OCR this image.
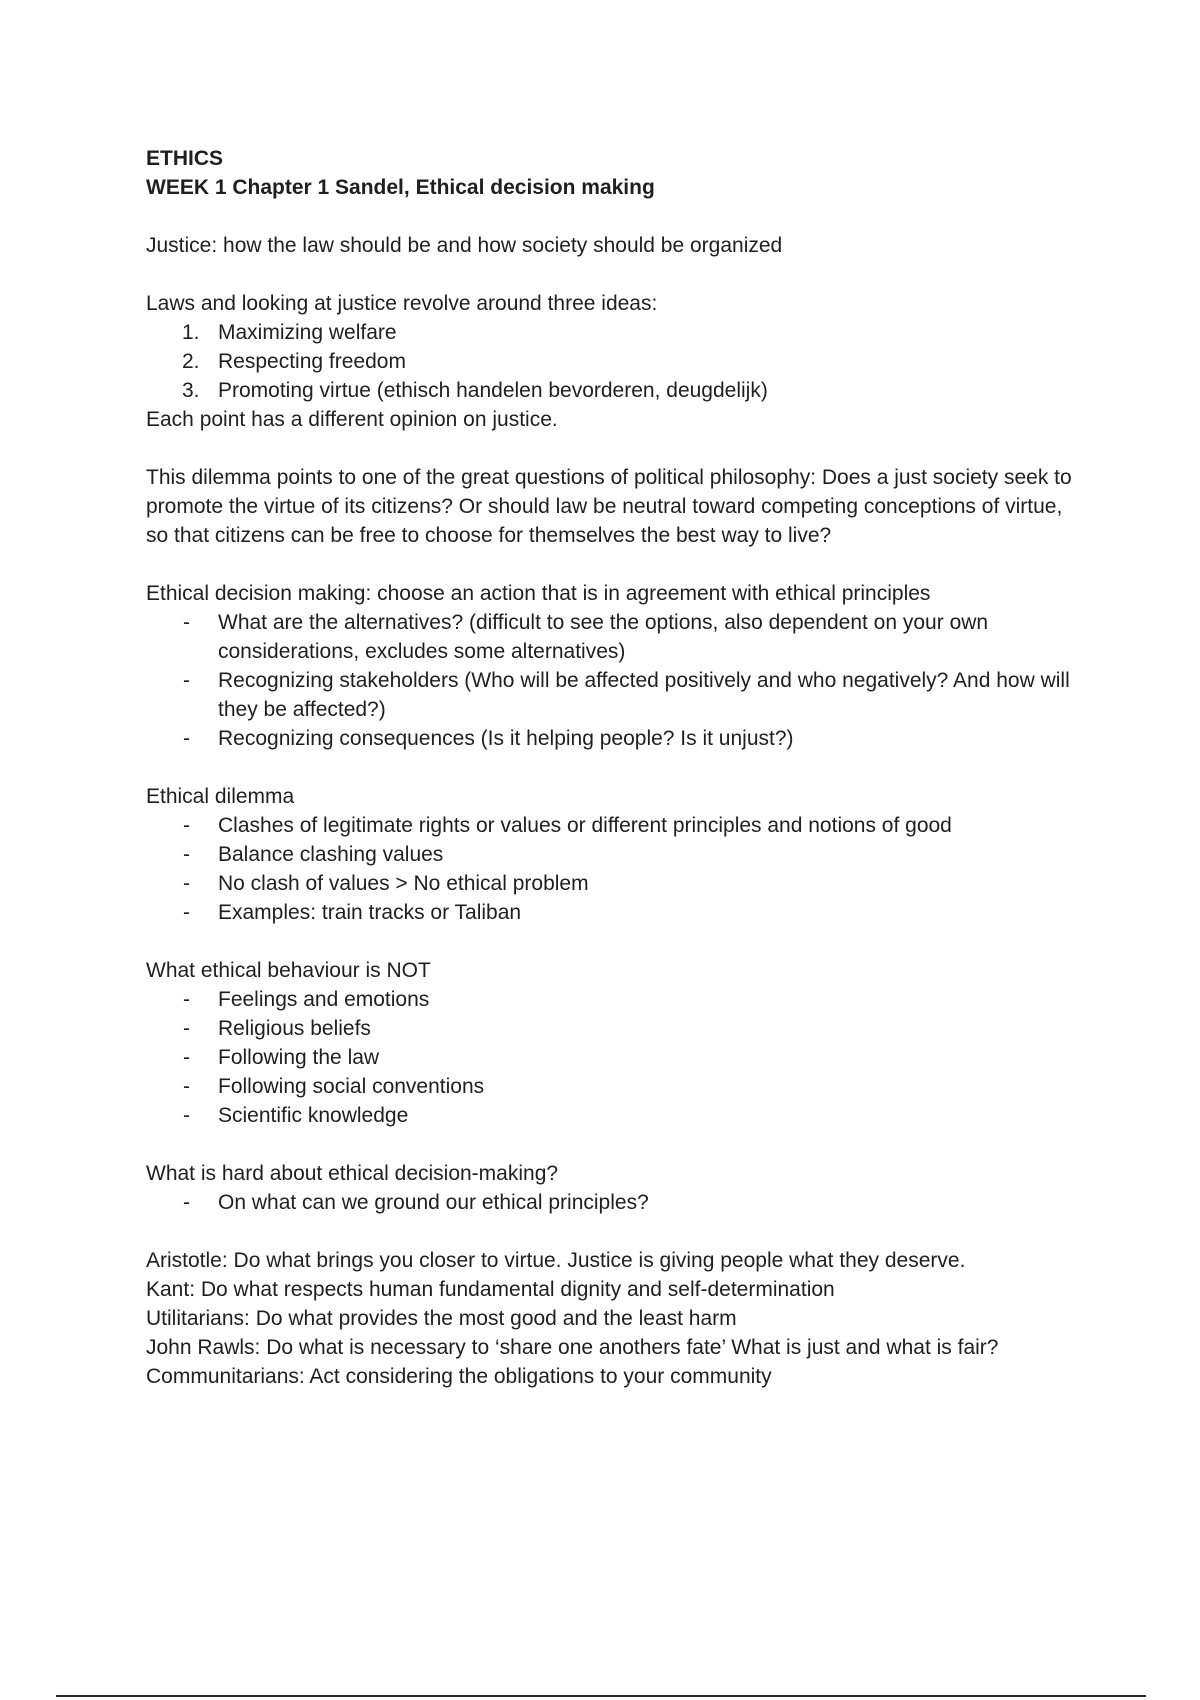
ETHICS

WEEK 1 Chapter 1 Sandel, Ethical decision making

Justice: how the law should be and how society should be organized

Laws and looking at justice revolve around three ideas:

1. Maximizing welfare
2. Respecting freedom
3. Promoting virtue (ethisch handelen bevorderen, deugdelijk)

Each point has a different opinion on justice.

This dilemma points to one of the great questions of political philosophy: Does a just society seek to promote the virtue of its citizens? Or should law be neutral toward competing conceptions of virtue, so that citizens can be free to choose for themselves the best way to live?

Ethical decision making: choose an action that is in agreement with ethical principles

- What are the alternatives? (difficult to see the options, also dependent on your own considerations, excludes some alternatives)
- Recognizing stakeholders (Who will be affected positively and who negatively? And how will they be affected?)
- Recognizing consequences (Is it helping people? Is it unjust?)

Ethical dilemma

- Clashes of legitimate rights or values or different principles and notions of good
- Balance clashing values
- No clash of values > No ethical problem
- Examples: train tracks or Taliban

What ethical behaviour is NOT

- Feelings and emotions
- Religious beliefs
- Following the law
- Following social conventions
- Scientific knowledge

What is hard about ethical decision-making?

- On what can we ground our ethical principles?

Aristotle: Do what brings you closer to virtue. Justice is giving people what they deserve.

Kant: Do what respects human fundamental dignity and self-determination

Utilitarians: Do what provides the most good and the least harm

John Rawls: Do what is necessary to ‘share one anothers fate’ What is just and what is fair?

Communitarians: Act considering the obligations to your community
